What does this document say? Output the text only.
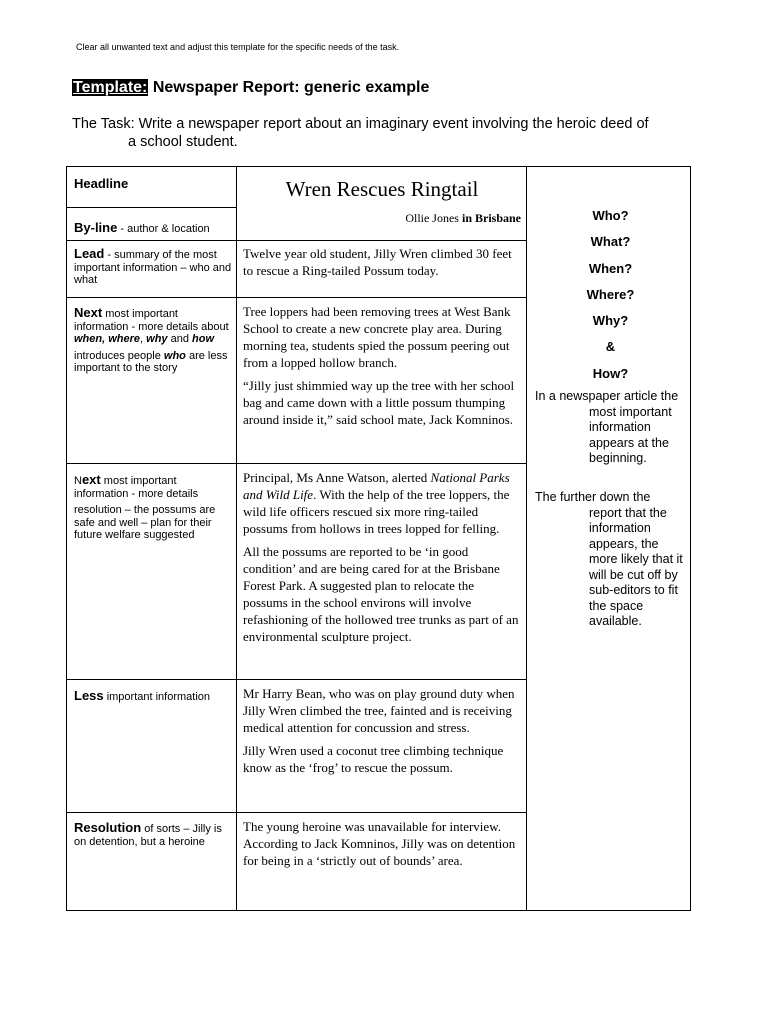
Clear all unwanted text and adjust this template for the specific needs of the task.
Template: Newspaper Report: generic example
The Task: Write a newspaper report about an imaginary event involving the heroic deed of
a school student.
Headline	Wren Rescues Ringtail
By-line - author & location
Ollie Jones in Brisbane
Lead - summary of the most important information – who and what

Twelve year old student, Jilly Wren climbed 30 feet to rescue a Ring-tailed Possum today.

Next most important information - more details about when, where, why and how

introduces people who are less important to the story

Tree loppers had been removing trees at West Bank School to create a new concrete play area. During morning tea, students spied the possum peering out from a lopped hollow branch.

“Jilly just shimmied way up the tree with her school bag and came down with a little possum thumping around inside it,” said school mate, Jack Komninos.

Next most important information - more details

resolution – the possums are safe and well – plan for their future welfare suggested

Principal, Ms Anne Watson, alerted National Parks and Wild Life. With the help of the tree loppers, the wild life officers rescued six more ring-tailed possums from hollows in trees lopped for felling.

All the possums are reported to be ‘in good condition’ and are being cared for at the Brisbane Forest Park. A suggested plan to relocate the possums in the school environs will involve refashioning of the hollowed tree trunks as part of an environmental sculpture project.

Less important information	Mr Harry Bean, who was on play ground duty when Jilly Wren climbed the tree, fainted and is receiving medical attention for concussion and stress.

Jilly Wren used a coconut tree climbing technique know as the ‘frog’ to rescue the possum.

Resolution of sorts – Jilly is on detention, but a heroine

The young heroine was unavailable for interview. According to Jack Komninos, Jilly was on detention for being in a ‘strictly out of bounds’ area.

Who?
What?
When?
Where?
Why?
&
How?
In a newspaper article the most important information appears at the beginning.
The further down the report that the information appears, the more likely that it will be cut off by sub-editors to fit the space available.
